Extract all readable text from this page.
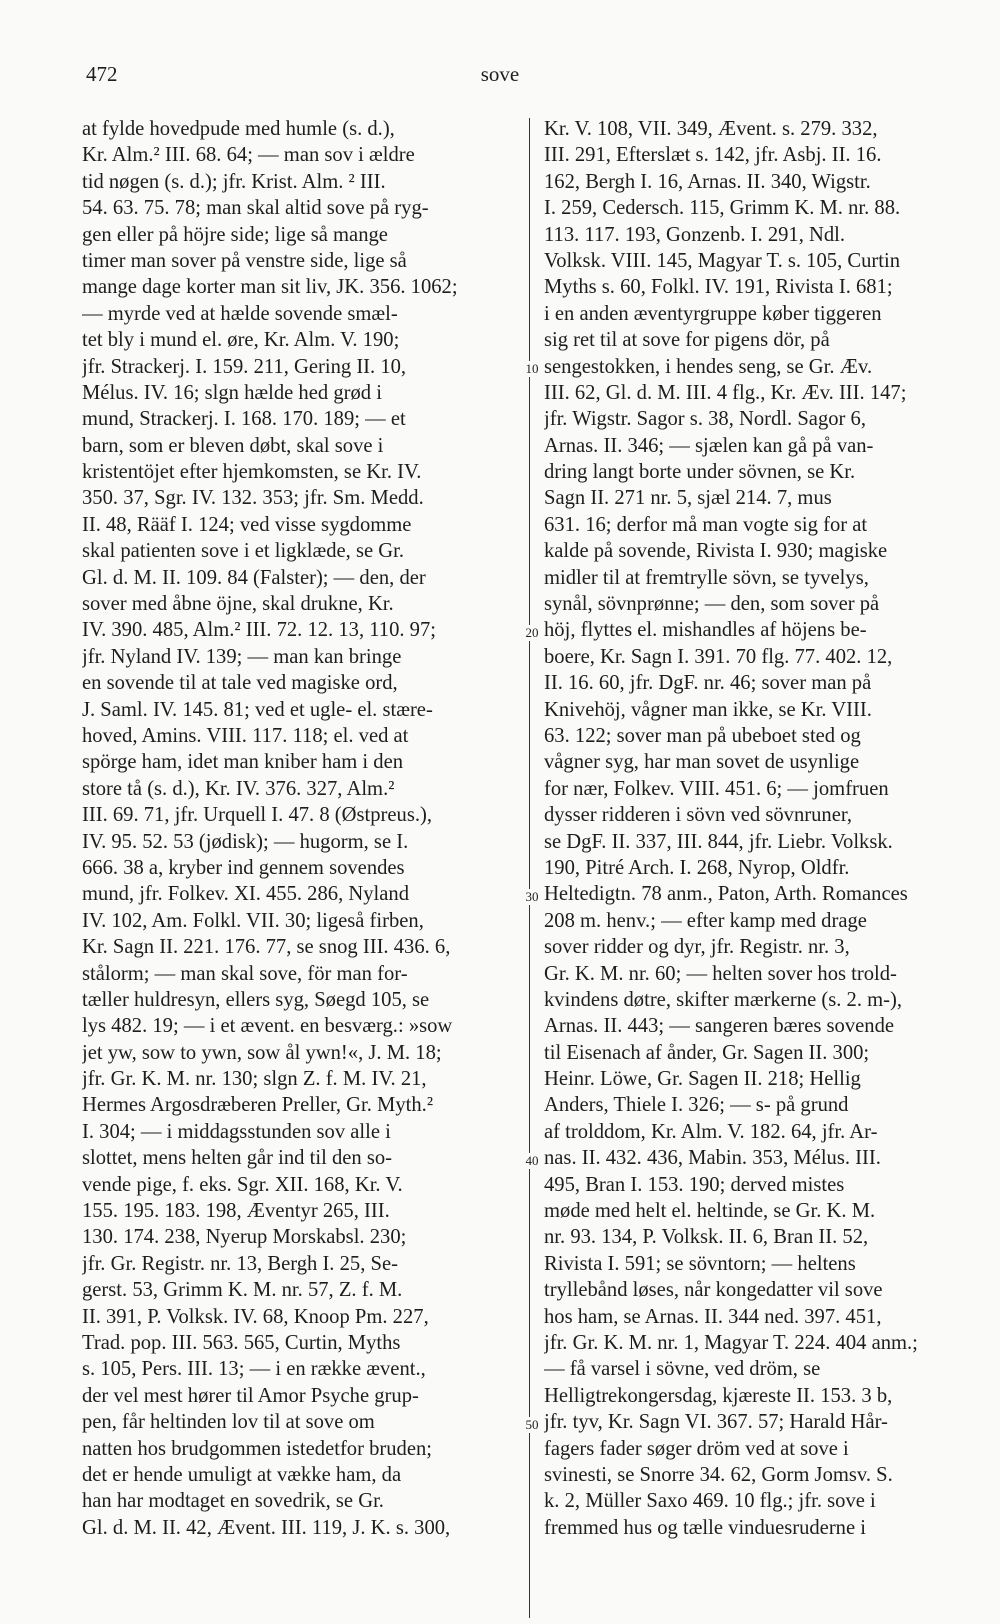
472	sove
10
20
30
40
50
at fylde hovedpude med humle (s. d.),
Kr. Alm.² III. 68. 64; — man sov i ældre
tid nøgen (s. d.); jfr. Krist. Alm. ² III.
54. 63. 75. 78; man skal altid sove på ryg-
gen eller på höjre side; lige så mange
timer man sover på venstre side, lige så
mange dage korter man sit liv, JK. 356. 1062;
— myrde ved at hælde sovende smæl-
tet bly i mund el. øre, Kr. Alm. V. 190;
jfr. Strackerj. I. 159. 211, Gering II. 10,
Mélus. IV. 16; slgn hælde hed grød i
mund, Strackerj. I. 168. 170. 189; — et
barn, som er bleven døbt, skal sove i
kristentöjet efter hjemkomsten, se Kr. IV.
350. 37, Sgr. IV. 132. 353; jfr. Sm. Medd.
II. 48, Rääf I. 124; ved visse sygdomme
skal patienten sove i et ligklæde, se Gr.
Gl. d. M. II. 109. 84 (Falster); — den, der
sover med åbne öjne, skal drukne, Kr.
IV. 390. 485, Alm.² III. 72. 12. 13, 110. 97;
jfr. Nyland IV. 139; — man kan bringe
en sovende til at tale ved magiske ord,
J. Saml. IV. 145. 81; ved et ugle- el. stære-
hoved, Amins. VIII. 117. 118; el. ved at
spörge ham, idet man kniber ham i den
store tå (s. d.), Kr. IV. 376. 327, Alm.²
III. 69. 71, jfr. Urquell I. 47. 8 (Østpreus.),
IV. 95. 52. 53 (jødisk); — hugorm, se I.
666. 38 a, kryber ind gennem sovendes
mund, jfr. Folkev. XI. 455. 286, Nyland
IV. 102, Am. Folkl. VII. 30; ligeså firben,
Kr. Sagn II. 221. 176. 77, se snog III. 436. 6,
stålorm; — man skal sove, för man for-
tæller huldresyn, ellers syg, Søegd 105, se
lys 482. 19; — i et ævent. en besværg.: »sow
jet yw, sow to ywn, sow ål ywn!«, J. M. 18;
jfr. Gr. K. M. nr. 130; slgn Z. f. M. IV. 21,
Hermes Argosdræberen Preller, Gr. Myth.²
I. 304; — i middagsstunden sov alle i
slottet, mens helten går ind til den so-
vende pige, f. eks. Sgr. XII. 168, Kr. V.
155. 195. 183. 198, Æventyr 265, III.
130. 174. 238, Nyerup Morskabsl. 230;
jfr. Gr. Registr. nr. 13, Bergh I. 25, Se-
gerst. 53, Grimm K. M. nr. 57, Z. f. M.
II. 391, P. Volksk. IV. 68, Knoop Pm. 227,
Trad. pop. III. 563. 565, Curtin, Myths
s. 105, Pers. III. 13; — i en række ævent.,
der vel mest hører til Amor Psyche grup-
pen, får heltinden lov til at sove om
natten hos brudgommen istedetfor bruden;
det er hende umuligt at vække ham, da
han har modtaget en sovedrik, se Gr.
Gl. d. M. II. 42, Ævent. III. 119, J. K. s. 300,
Kr. V. 108, VII. 349, Ævent. s. 279. 332,
III. 291, Efterslæt s. 142, jfr. Asbj. II. 16.
162, Bergh I. 16, Arnas. II. 340, Wigstr.
I. 259, Cedersch. 115, Grimm K. M. nr. 88.
113. 117. 193, Gonzenb. I. 291, Ndl.
Volksk. VIII. 145, Magyar T. s. 105, Curtin
Myths s. 60, Folkl. IV. 191, Rivista I. 681;
i en anden æventyrgruppe køber tiggeren
sig ret til at sove for pigens dör, på
sengestokken, i hendes seng, se Gr. Æv.
III. 62, Gl. d. M. III. 4 flg., Kr. Æv. III. 147;
jfr. Wigstr. Sagor s. 38, Nordl. Sagor 6,
Arnas. II. 346; — sjælen kan gå på van-
dring langt borte under sövnen, se Kr.
Sagn II. 271 nr. 5, sjæl 214. 7, mus
631. 16; derfor må man vogte sig for at
kalde på sovende, Rivista I. 930; magiske
midler til at fremtrylle sövn, se tyvelys,
synål, sövnprønne; — den, som sover på
höj, flyttes el. mishandles af höjens be-
boere, Kr. Sagn I. 391. 70 flg. 77. 402. 12,
II. 16. 60, jfr. DgF. nr. 46; sover man på
Knivehöj, vågner man ikke, se Kr. VIII.
63. 122; sover man på ubeboet sted og
vågner syg, har man sovet de usynlige
for nær, Folkev. VIII. 451. 6; — jomfruen
dysser ridderen i sövn ved sövnruner,
se DgF. II. 337, III. 844, jfr. Liebr. Volksk.
190, Pitré Arch. I. 268, Nyrop, Oldfr.
Heltedigtn. 78 anm., Paton, Arth. Romances
208 m. henv.; — efter kamp med drage
sover ridder og dyr, jfr. Registr. nr. 3,
Gr. K. M. nr. 60; — helten sover hos trold-
kvindens døtre, skifter mærkerne (s. 2. m-),
Arnas. II. 443; — sangeren bæres sovende
til Eisenach af ånder, Gr. Sagen II. 300;
Heinr. Löwe, Gr. Sagen II. 218; Hellig
Anders, Thiele I. 326; — s- på grund
af trolddom, Kr. Alm. V. 182. 64, jfr. Ar-
nas. II. 432. 436, Mabin. 353, Mélus. III.
495, Bran I. 153. 190; derved mistes
møde med helt el. heltinde, se Gr. K. M.
nr. 93. 134, P. Volksk. II. 6, Bran II. 52,
Rivista I. 591; se sövntorn; — heltens
tryllebånd løses, når kongedatter vil sove
hos ham, se Arnas. II. 344 ned. 397. 451,
jfr. Gr. K. M. nr. 1, Magyar T. 224. 404 anm.;
— få varsel i sövne, ved dröm, se
Helligtrekongersdag, kjæreste II. 153. 3 b,
jfr. tyv, Kr. Sagn VI. 367. 57; Harald Hår-
fagers fader søger dröm ved at sove i
svinesti, se Snorre 34. 62, Gorm Jomsv. S.
k. 2, Müller Saxo 469. 10 flg.; jfr. sove i
fremmed hus og tælle vinduesruderne i
